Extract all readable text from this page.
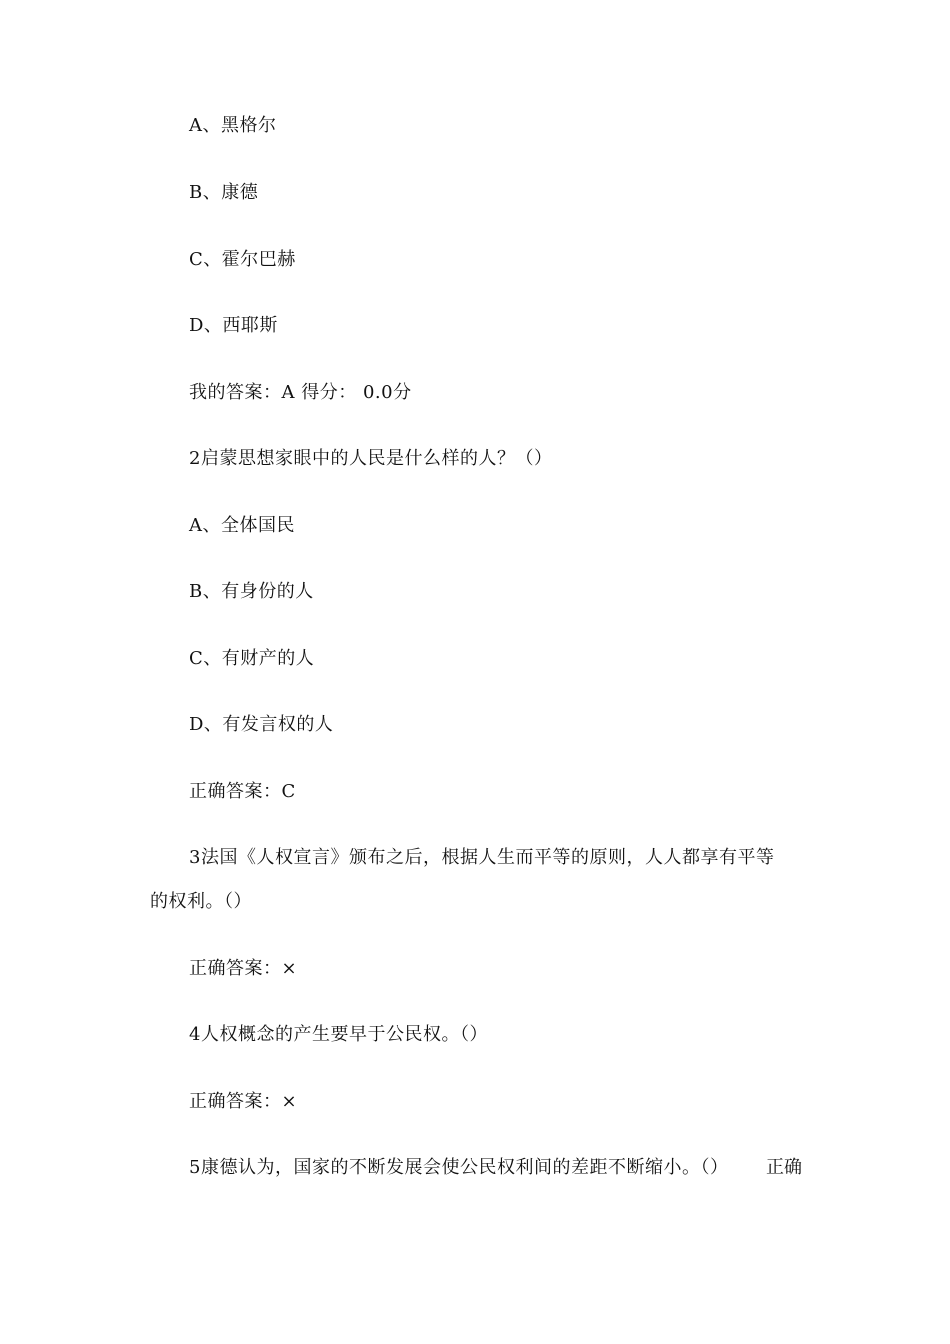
A、黑格尔
B、康德
C、霍尔巴赫
D、西耶斯
我的答案：A 得分： 0.0分
2启蒙思想家眼中的人民是什么样的人？（）
A、全体国民
B、有身份的人
C、有财产的人
D、有发言权的人
正确答案：C
3法国《人权宣言》颁布之后，根据人生而平等的原则，人人都享有平等
的权利。（）
正确答案：×
4人权概念的产生要早于公民权。（）
正确答案：×
5康德认为，国家的不断发展会使公民权利间的差距不断缩小。（） 正确
